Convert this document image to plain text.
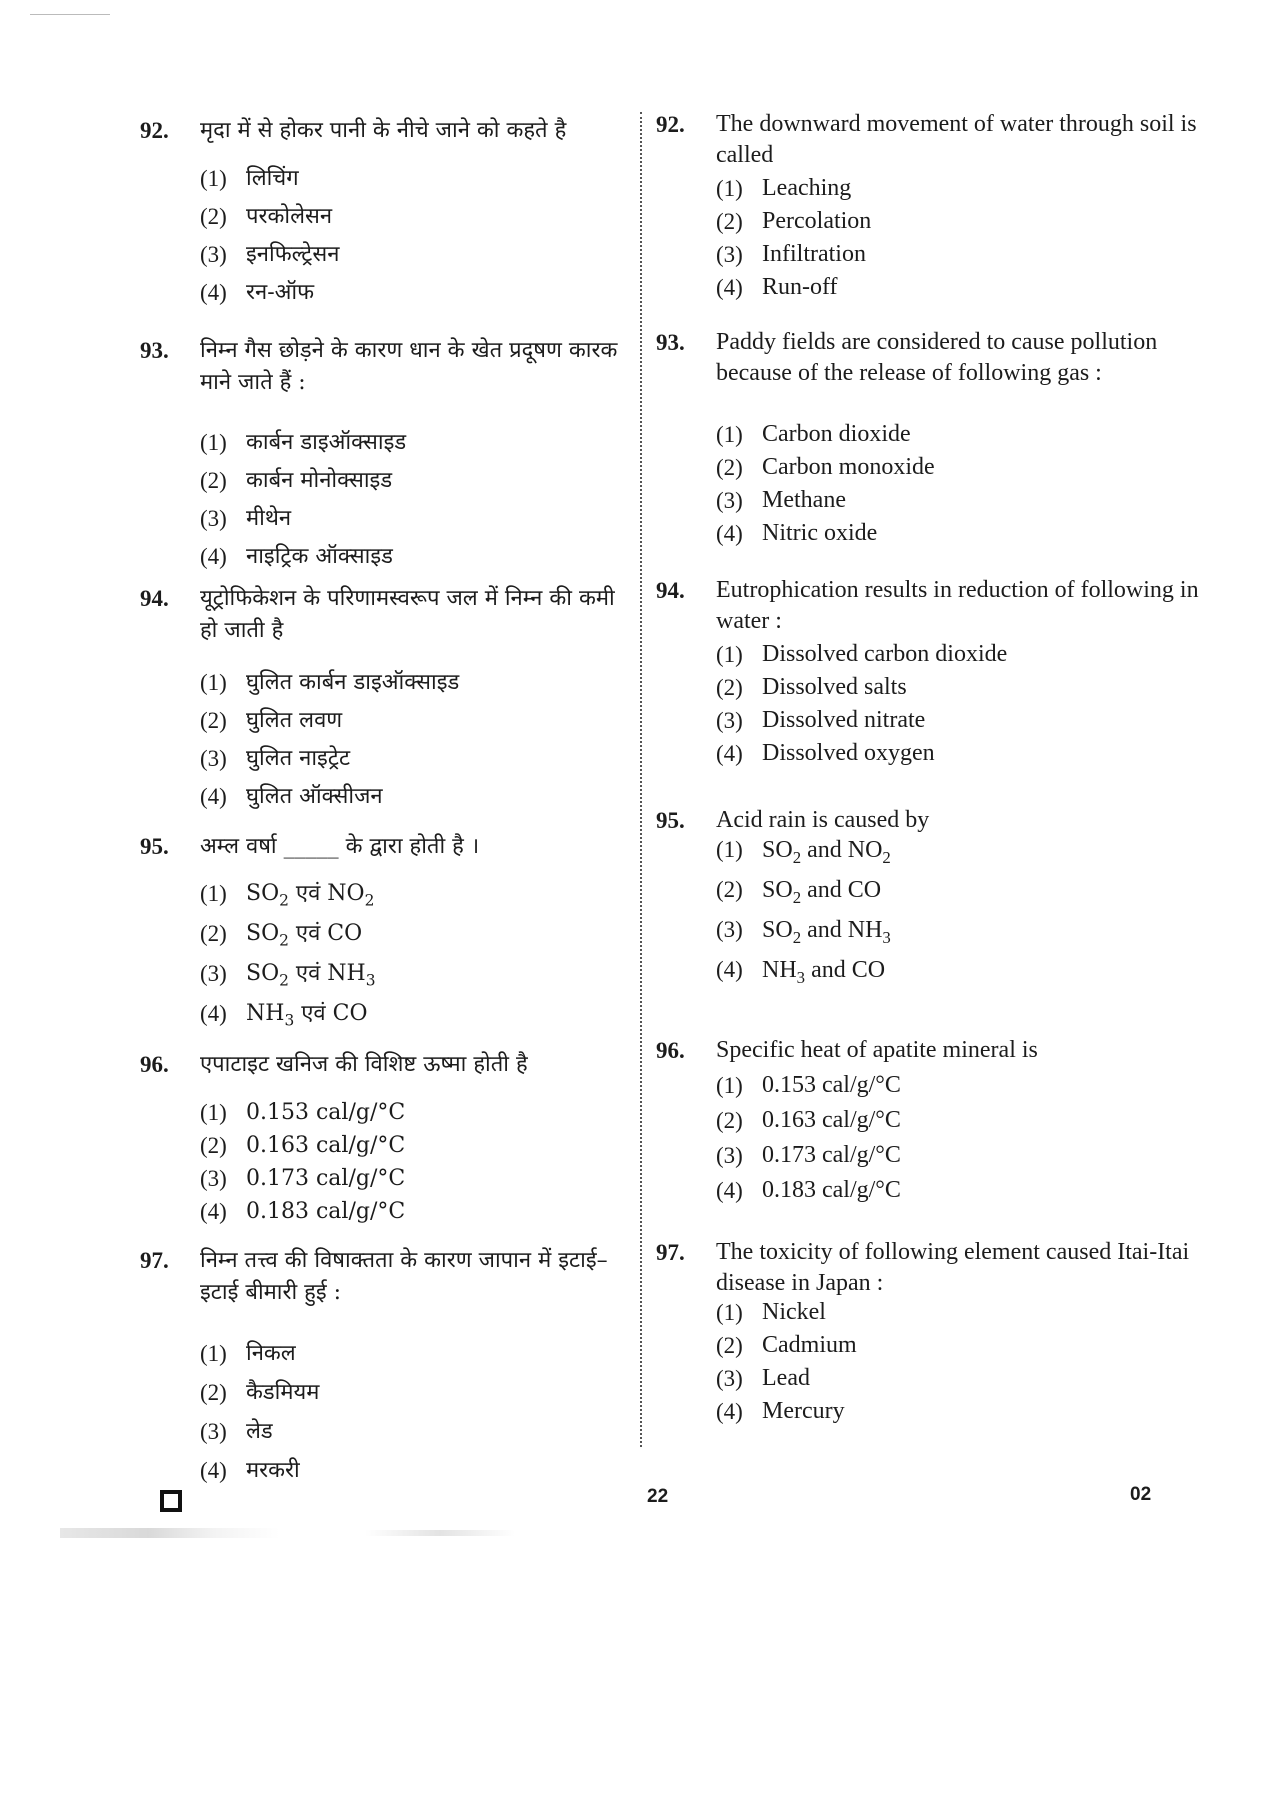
92. मृदा में से होकर पानी के नीचे जाने को कहते है
(1) लिचिंग
(2) परकोलेसन
(3) इनफिल्ट्रेसन
(4) रन-ऑफ
93. निम्न गैस छोड़ने के कारण धान के खेत प्रदूषण कारक माने जाते हैं :
(1) कार्बन डाइऑक्साइड
(2) कार्बन मोनोक्साइड
(3) मीथेन
(4) नाइट्रिक ऑक्साइड
94. यूट्रोफिकेशन के परिणामस्वरूप जल में निम्न की कमी हो जाती है
(1) घुलित कार्बन डाइऑक्साइड
(2) घुलित लवण
(3) घुलित नाइट्रेट
(4) घुलित ऑक्सीजन
95. अम्ल वर्षा _____ के द्वारा होती है ।
(1) $SO_2$ एवं $NO_2$
(2) $SO_2$ एवं CO
(3) $SO_2$ एवं $NH_3$
(4) $NH_3$ एवं CO
96. एपाटाइट खनिज की विशिष्ट ऊष्मा होती है
(1) 0.153 cal/g/°C
(2) 0.163 cal/g/°C
(3) 0.173 cal/g/°C
(4) 0.183 cal/g/°C
97. निम्न तत्त्व की विषाक्तता के कारण जापान में इटाई–इटाई बीमारी हुई :
(1) निकल
(2) कैडमियम
(3) लेड
(4) मरकरी
92. The downward movement of water through soil is called
(1) Leaching
(2) Percolation
(3) Infiltration
(4) Run-off
93. Paddy fields are considered to cause pollution because of the release of following gas :
(1) Carbon dioxide
(2) Carbon monoxide
(3) Methane
(4) Nitric oxide
94. Eutrophication results in reduction of following in water :
(1) Dissolved carbon dioxide
(2) Dissolved salts
(3) Dissolved nitrate
(4) Dissolved oxygen
95. Acid rain is caused by
(1) $SO_2$ and $NO_2$
(2) $SO_2$ and CO
(3) $SO_2$ and $NH_3$
(4) $NH_3$ and CO
96. Specific heat of apatite mineral is
(1) 0.153 cal/g/°C
(2) 0.163 cal/g/°C
(3) 0.173 cal/g/°C
(4) 0.183 cal/g/°C
97. The toxicity of following element caused Itai-Itai disease in Japan :
(1) Nickel
(2) Cadmium
(3) Lead
(4) Mercury
22	02
